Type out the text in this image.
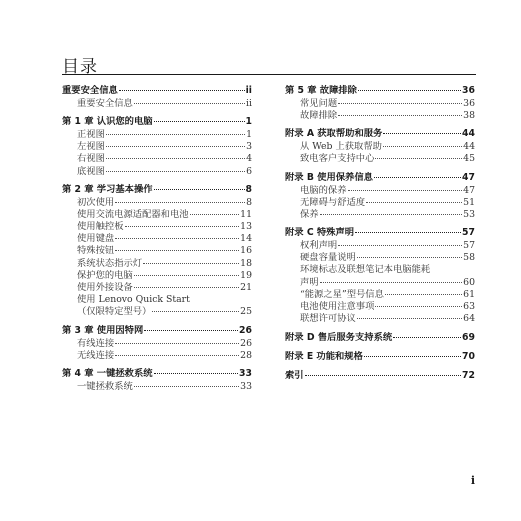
目录
重要安全信息	ii
重要安全信息	ii
第 1 章 认识您的电脑	1
正视图	1
左视图	3
右视图	4
底视图	6
第 2 章 学习基本操作	8
初次使用	8
使用交流电源适配器和电池	11
使用触控板	13
使用键盘	14
特殊按钮	16
系统状态指示灯	18
保护您的电脑	19
使用外接设备	21
使用 Lenovo Quick Start
（仅限特定型号）	25
第 3 章 使用因特网	26
有线连接	26
无线连接	28
第 4 章 一键拯救系统	33
一键拯救系统	33
第 5 章 故障排除	36
常见问题	36
故障排除	38
附录 A 获取帮助和服务	44
从 Web 上获取帮助	44
致电客户支持中心	45
附录 B 使用保养信息	47
电脑的保养	47
无障碍与舒适度	51
保养	53
附录 C 特殊声明	57
权利声明	57
硬盘容量说明	58
环境标志及联想笔记本电脑能耗
声明	60
“能源之星”型号信息	61
电池使用注意事项	63
联想许可协议	64
附录 D 售后服务支持系统	69
附录 E 功能和规格	70
索引	72
i
